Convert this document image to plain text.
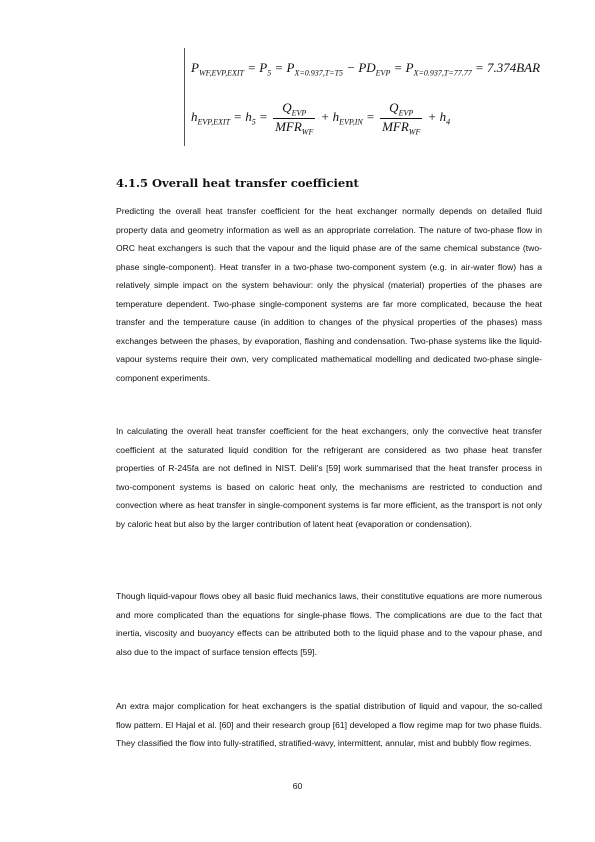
$P_{WF,EVP,EXIT} = P_5 = P_{X=0.937,T=T5} - PD_{EVP} = P_{X=0.937,T=77.77} = 7.374BAR$
$h_{EVP,EXIT} = h_5 = \frac{Q_{EVP}}{MFR_{WF}} + h_{EVP,IN} = \frac{Q_{EVP}}{MFR_{WF}} + h_4$
4.1.5 Overall heat transfer coefficient

Predicting the overall heat transfer coefficient for the heat exchanger normally depends on detailed fluid property data and geometry information as well as an appropriate correlation. The nature of two-phase flow in ORC heat exchangers is such that the vapour and the liquid phase are of the same chemical substance (two-phase single-component). Heat transfer in a two-phase two-component system (e.g. in air-water flow) has a relatively simple impact on the system behaviour: only the physical (material) properties of the phases are temperature dependent. Two-phase single-component systems are far more complicated, because the heat transfer and the temperature cause (in addition to changes of the physical properties of the phases) mass exchanges between the phases, by evaporation, flashing and condensation. Two-phase systems like the liquid-vapour systems require their own, very complicated mathematical modelling and dedicated two-phase single-component experiments.

In calculating the overall heat transfer coefficient for the heat exchangers, only the convective heat transfer coefficient at the saturated liquid condition for the refrigerant are considered as two phase heat transfer properties of R-245fa are not defined in NIST. Delil’s [59] work summarised that the heat transfer process in two-component systems is based on caloric heat only, the mechanisms are restricted to conduction and convection where as heat transfer in single-component systems is far more efficient, as the transport is not only by caloric heat but also by the larger contribution of latent heat (evaporation or condensation).

Though liquid-vapour flows obey all basic fluid mechanics laws, their constitutive equations are more numerous and more complicated than the equations for single-phase flows. The complications are due to the fact that inertia, viscosity and buoyancy effects can be attributed both to the liquid phase and to the vapour phase, and also due to the impact of surface tension effects [59].

An extra major complication for heat exchangers is the spatial distribution of liquid and vapour, the so-called flow pattern. El Hajal et al. [60] and their research group [61] developed a flow regime map for two phase fluids. They classified the flow into fully-stratified, stratified-wavy, intermittent, annular, mist and bubbly flow regimes.

60
